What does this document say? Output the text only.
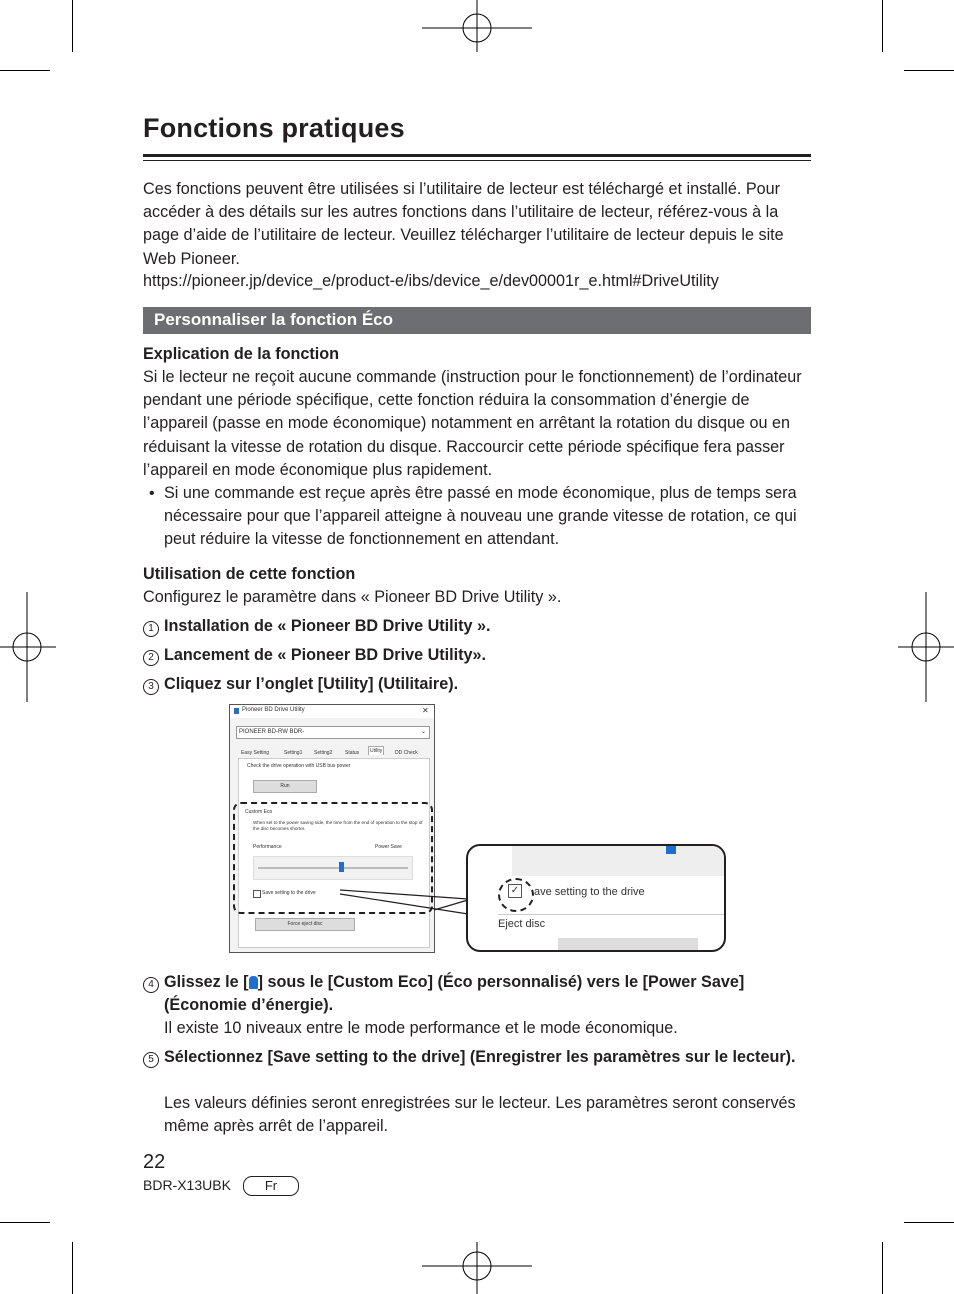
Fonctions pratiques

Ces fonctions peuvent être utilisées si l’utilitaire de lecteur est téléchargé et installé. Pour accéder à des détails sur les autres fonctions dans l’utilitaire de lecteur, référez-vous à la page d’aide de l’utilitaire de lecteur. Veuillez télécharger l’utilitaire de lecteur depuis le site Web Pioneer.

https://pioneer.jp/device_e/product-e/ibs/device_e/dev00001r_e.html#DriveUtility

Personnaliser la fonction Éco

Explication de la fonction

Si le lecteur ne reçoit aucune commande (instruction pour le fonctionnement) de l’ordinateur pendant une période spécifique, cette fonction réduira la consommation d’énergie de l’appareil (passe en mode économique) notamment en arrêtant la rotation du disque ou en réduisant la vitesse de rotation du disque. Raccourcir cette période spécifique fera passer l’appareil en mode économique plus rapidement.

• Si une commande est reçue après être passé en mode économique, plus de temps sera nécessaire pour que l’appareil atteigne à nouveau une grande vitesse de rotation, ce qui peut réduire la vitesse de fonctionnement en attendant.

Utilisation de cette fonction

Configurez le paramètre dans « Pioneer BD Drive Utility ».

1 Installation de « Pioneer BD Drive Utility ».
2 Lancement de « Pioneer BD Drive Utility».
3 Cliquez sur l’onglet [Utility] (Utilitaire).
Pioneer BD Drive Utility	✕
PIONEER BD-RW BDR-	⌄
Easy Setting	Setting1 Setting2	Status	Utility	DD Check
Check the drive operation with USB bus power
Run
Custom Eco
When set to the power saving side, the time from the end of operation to the stop of the disc becomes shorter.
Performance	Power Save
Save setting to the drive
Force eject disc
✓ ave setting to the drive
Eject disc
4 Glissez le [ ] sous le [Custom Eco] (Éco personnalisé) vers le [Power Save] (Économie d’énergie).
Il existe 10 niveaux entre le mode performance et le mode économique.
5 Sélectionnez [Save setting to the drive] (Enregistrer les paramètres sur le lecteur).
Les valeurs définies seront enregistrées sur le lecteur. Les paramètres seront conservés même après arrêt de l’appareil.
22
BDR-X13UBK	Fr
